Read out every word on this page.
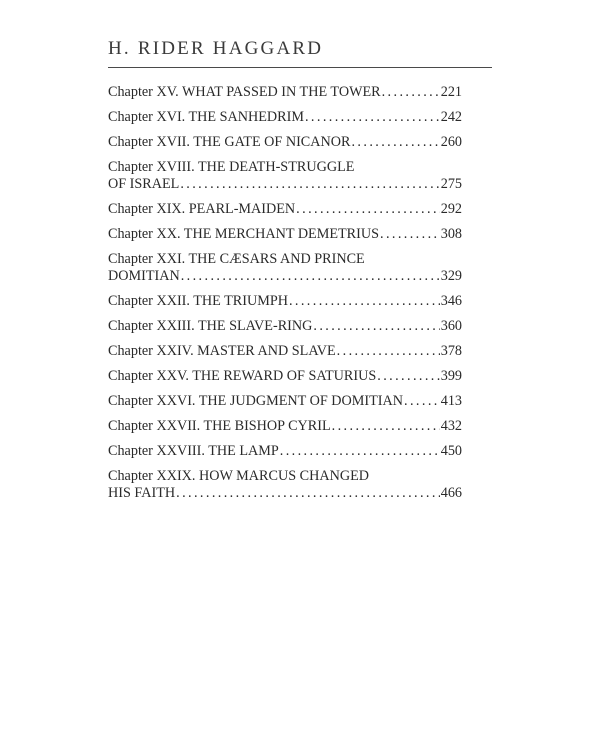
H. RIDER HAGGARD
Chapter XV. WHAT PASSED IN THE TOWER .....	221
Chapter XVI. THE SANHEDRIM .....	242
Chapter XVII. THE GATE OF NICANOR .....	260
Chapter XVIII. THE DEATH-STRUGGLE
OF ISRAEL .....	275
Chapter XIX. PEARL-MAIDEN .....	292
Chapter XX. THE MERCHANT DEMETRIUS .....	308
Chapter XXI. THE CÆSARS AND PRINCE
DOMITIAN .....	329
Chapter XXII. THE TRIUMPH .....	346
Chapter XXIII. THE SLAVE-RING .....	360
Chapter XXIV. MASTER AND SLAVE .....	378
Chapter XXV. THE REWARD OF SATURIUS .....	399
Chapter XXVI. THE JUDGMENT OF DOMITIAN .....	413
Chapter XXVII. THE BISHOP CYRIL .....	432
Chapter XXVIII. THE LAMP .....	450
Chapter XXIX. HOW MARCUS CHANGED
HIS FAITH .....	466
